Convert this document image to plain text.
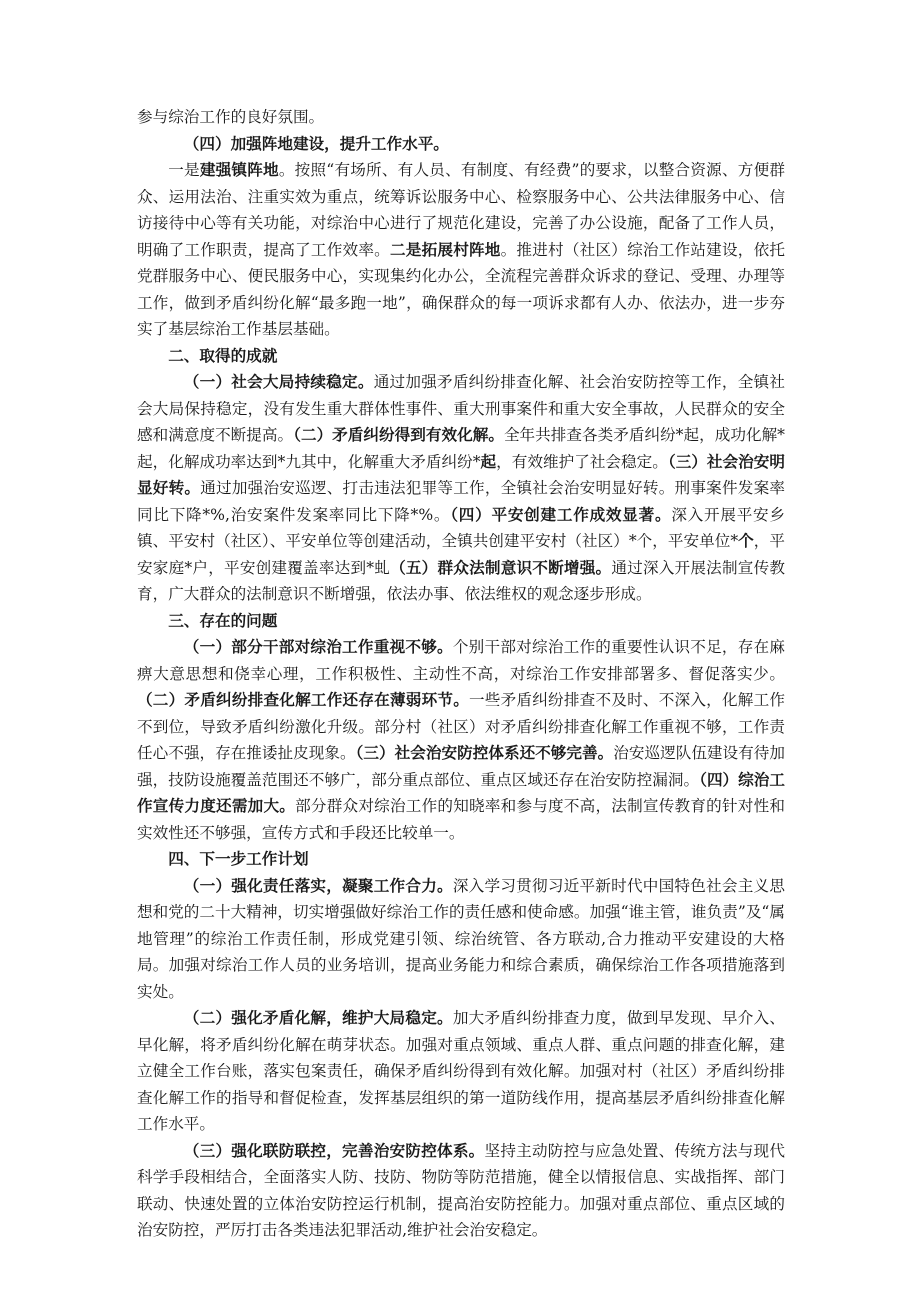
参与综治工作的良好氛围。

（四）加强阵地建设，提升工作水平。

一是建强镇阵地。按照“有场所、有人员、有制度、有经费”的要求，以整合资源、方便群众、运用法治、注重实效为重点，统筹诉讼服务中心、检察服务中心、公共法律服务中心、信访接待中心等有关功能，对综治中心进行了规范化建设，完善了办公设施，配备了工作人员，明确了工作职责，提高了工作效率。二是拓展村阵地。推进村（社区）综治工作站建设，依托党群服务中心、便民服务中心，实现集约化办公，全流程完善群众诉求的登记、受理、办理等工作，做到矛盾纠纷化解“最多跑一地”，确保群众的每一项诉求都有人办、依法办，进一步夯实了基层综治工作基层基础。

二、取得的成就

（一）社会大局持续稳定。通过加强矛盾纠纷排查化解、社会治安防控等工作，全镇社会大局保持稳定，没有发生重大群体性事件、重大刑事案件和重大安全事故，人民群众的安全感和满意度不断提高。（二）矛盾纠纷得到有效化解。全年共排查各类矛盾纠纷*起，成功化解*起，化解成功率达到*九其中，化解重大矛盾纠纷*起，有效维护了社会稳定。（三）社会治安明显好转。通过加强治安巡逻、打击违法犯罪等工作，全镇社会治安明显好转。刑事案件发案率同比下降*%,治安案件发案率同比下降*%。（四）平安创建工作成效显著。深入开展平安乡镇、平安村（社区）、平安单位等创建活动，全镇共创建平安村（社区）*个，平安单位*个，平安家庭*户，平安创建覆盖率达到*虬（五）群众法制意识不断增强。通过深入开展法制宣传教育，广大群众的法制意识不断增强，依法办事、依法维权的观念逐步形成。

三、存在的问题

（一）部分干部对综治工作重视不够。个别干部对综治工作的重要性认识不足，存在麻痹大意思想和侥幸心理，工作积极性、主动性不高，对综治工作安排部署多、督促落实少。（二）矛盾纠纷排查化解工作还存在薄弱环节。一些矛盾纠纷排查不及时、不深入，化解工作不到位，导致矛盾纠纷激化升级。部分村（社区）对矛盾纠纷排查化解工作重视不够，工作责任心不强，存在推诿扯皮现象。（三）社会治安防控体系还不够完善。治安巡逻队伍建设有待加强，技防设施覆盖范围还不够广，部分重点部位、重点区域还存在治安防控漏洞。（四）综治工作宣传力度还需加大。部分群众对综治工作的知晓率和参与度不高，法制宣传教育的针对性和实效性还不够强，宣传方式和手段还比较单一。

四、下一步工作计划

（一）强化责任落实，凝聚工作合力。深入学习贯彻习近平新时代中国特色社会主义思想和党的二十大精神，切实增强做好综治工作的责任感和使命感。加强“谁主管，谁负责”及“属地管理”的综治工作责任制，形成党建引领、综治统管、各方联动,合力推动平安建设的大格局。加强对综治工作人员的业务培训，提高业务能力和综合素质，确保综治工作各项措施落到实处。

（二）强化矛盾化解，维护大局稳定。加大矛盾纠纷排查力度，做到早发现、早介入、早化解，将矛盾纠纷化解在萌芽状态。加强对重点领域、重点人群、重点问题的排查化解，建立健全工作台账，落实包案责任，确保矛盾纠纷得到有效化解。加强对村（社区）矛盾纠纷排查化解工作的指导和督促检查，发挥基层组织的第一道防线作用，提高基层矛盾纠纷排查化解工作水平。

（三）强化联防联控，完善治安防控体系。坚持主动防控与应急处置、传统方法与现代科学手段相结合，全面落实人防、技防、物防等防范措施，健全以情报信息、实战指挥、部门联动、快速处置的立体治安防控运行机制，提高治安防控能力。加强对重点部位、重点区域的治安防控，严厉打击各类违法犯罪活动,维护社会治安稳定。
